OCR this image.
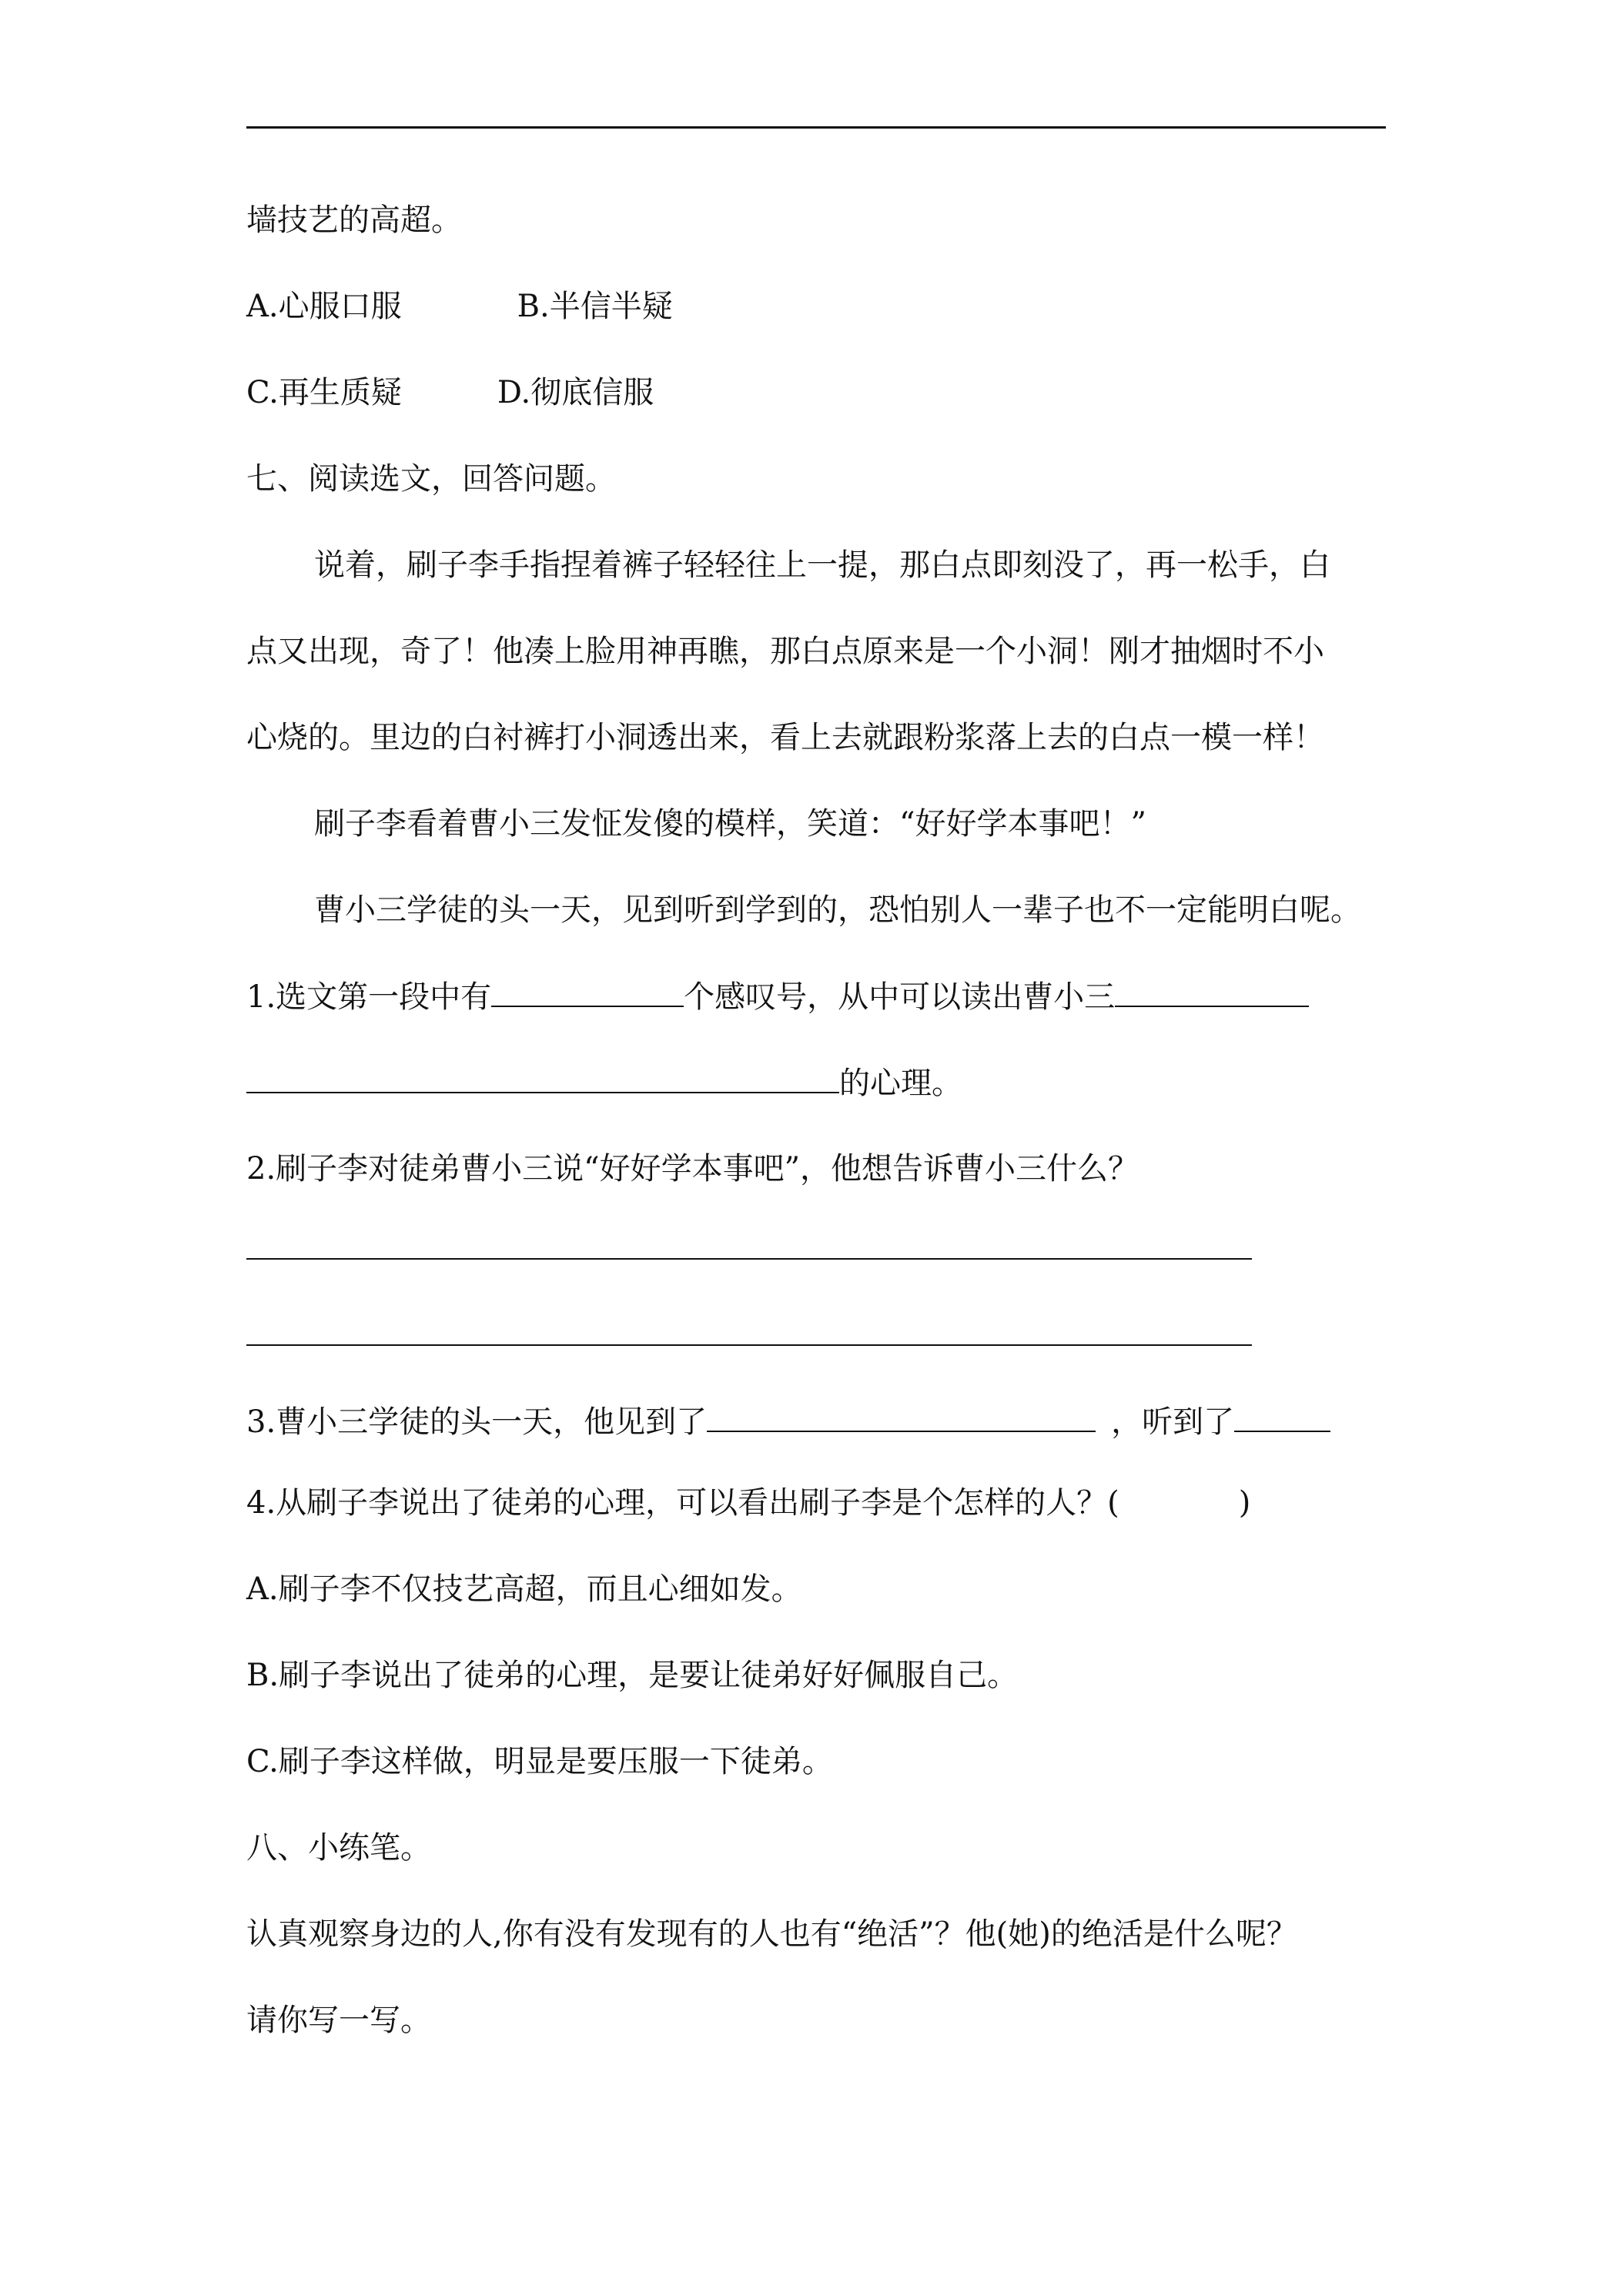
墙技艺的高超。

A.心服口服	B.半信半疑

C.再生质疑	D.彻底信服

七、阅读选文，回答问题。

说着，刷子李手指捏着裤子轻轻往上一提，那白点即刻没了，再一松手，白

点又出现，奇了！他凑上脸用神再瞧，那白点原来是一个小洞！刚才抽烟时不小

心烧的。里边的白衬裤打小洞透出来，看上去就跟粉浆落上去的白点一模一样！

刷子李看着曹小三发怔发傻的模样，笑道：“好好学本事吧！”

曹小三学徒的头一天，见到听到学到的，恐怕别人一辈子也不一定能明白呢。

1.选文第一段中有	个感叹号，从中可以读出曹小三

的心理。

2.刷子李对徒弟曹小三说“好好学本事吧”，他想告诉曹小三什么？

3.曹小三学徒的头一天，他见到了	，听到了

4.从刷子李说出了徒弟的心理，可以看出刷子李是个怎样的人？(	)

A.刷子李不仅技艺高超，而且心细如发。

B.刷子李说出了徒弟的心理，是要让徒弟好好佩服自己。

C.刷子李这样做，明显是要压服一下徒弟。

八、小练笔。

认真观察身边的人,你有没有发现有的人也有“绝活”？他(她)的绝活是什么呢？

请你写一写。
